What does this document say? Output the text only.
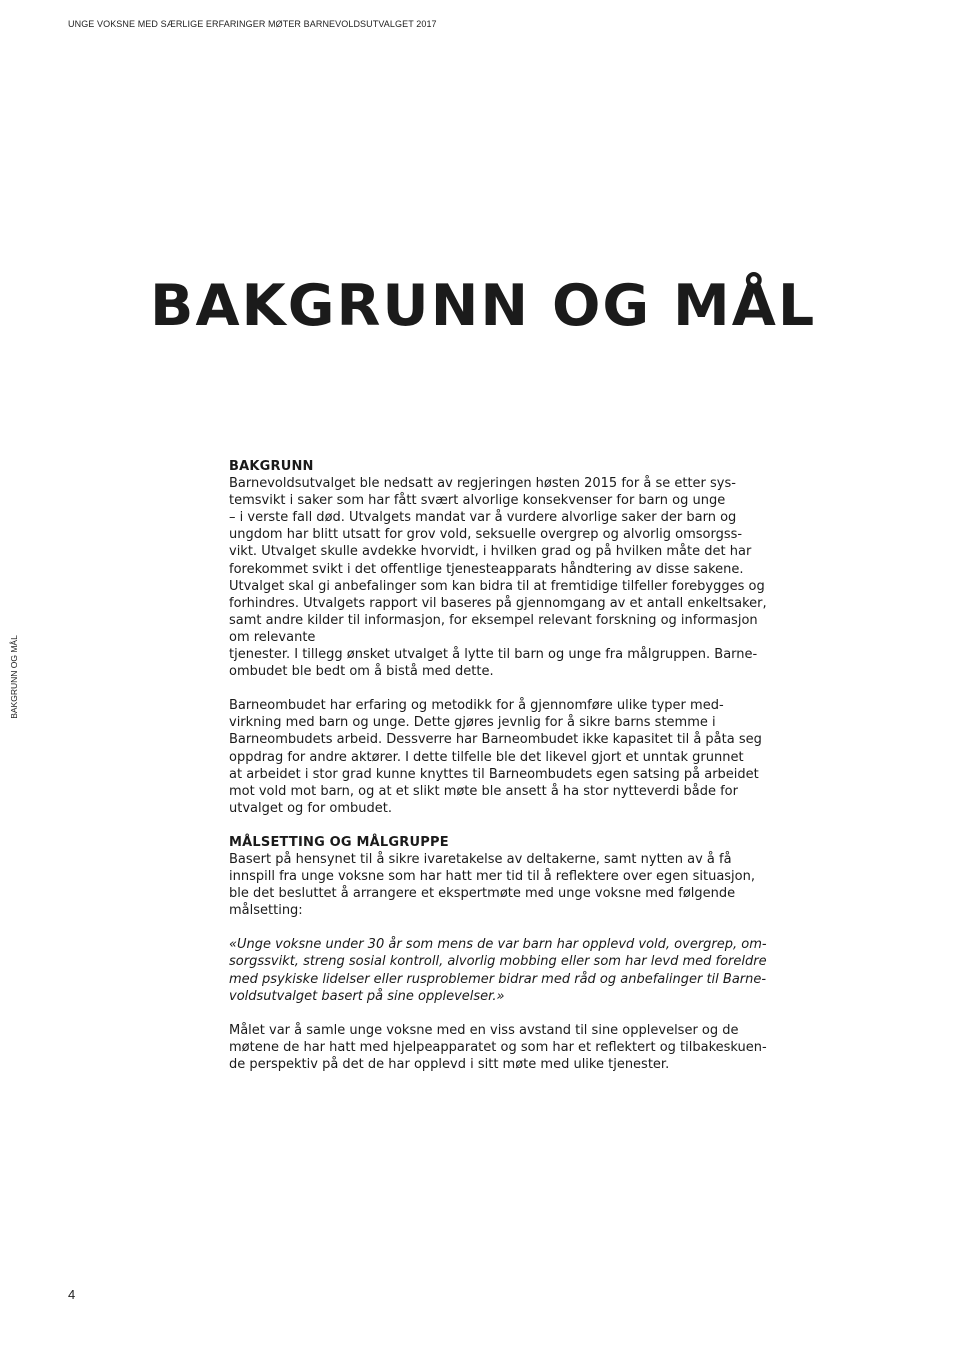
UNGE VOKSNE MED SÆRLIGE ERFARINGER MØTER BARNEVOLDSUTVALGET 2017
BAKGRUNN OG MÅL
BAKGRUNN OG MÅL
BAKGRUNN
Barnevoldsutvalget ble nedsatt av regjeringen høsten 2015 for å se etter sys-
temsvikt i saker som har fått svært alvorlige konsekvenser for barn og unge
– i verste fall død. Utvalgets mandat var å vurdere alvorlige saker der barn og
ungdom har blitt utsatt for grov vold, seksuelle overgrep og alvorlig omsorgss-
vikt. Utvalget skulle avdekke hvorvidt, i hvilken grad og på hvilken måte det har
forekommet svikt i det offentlige tjenesteapparats håndtering av disse sakene.
Utvalget skal gi anbefalinger som kan bidra til at fremtidige tilfeller forebygges og
forhindres. Utvalgets rapport vil baseres på gjennomgang av et antall enkeltsaker,
samt andre kilder til informasjon, for eksempel relevant forskning og informasjon
om relevante
tjenester. I tillegg ønsket utvalget å lytte til barn og unge fra målgruppen. Barne-
ombudet ble bedt om å bistå med dette.
Barneombudet har erfaring og metodikk for å gjennomføre ulike typer med-
virkning med barn og unge. Dette gjøres jevnlig for å sikre barns stemme i
Barneombudets arbeid. Dessverre har Barneombudet ikke kapasitet til å påta seg
oppdrag for andre aktører. I dette tilfelle ble det likevel gjort et unntak grunnet
at arbeidet i stor grad kunne knyttes til Barneombudets egen satsing på arbeidet
mot vold mot barn, og at et slikt møte ble ansett å ha stor nytteverdi både for
utvalget og for ombudet.
MÅLSETTING OG MÅLGRUPPE
Basert på hensynet til å sikre ivaretakelse av deltakerne, samt nytten av å få
innspill fra unge voksne som har hatt mer tid til å reflektere over egen situasjon,
ble det besluttet å arrangere et ekspertmøte med unge voksne med følgende
målsetting:
«Unge voksne under 30 år som mens de var barn har opplevd vold, overgrep, om-
sorgssvikt, streng sosial kontroll, alvorlig mobbing eller som har levd med foreldre
med psykiske lidelser eller rusproblemer bidrar med råd og anbefalinger til Barne-
voldsutvalget basert på sine opplevelser.»
Målet var å samle unge voksne med en viss avstand til sine opplevelser og de
møtene de har hatt med hjelpeapparatet og som har et reflektert og tilbakeskuen-
de perspektiv på det de har opplevd i sitt møte med ulike tjenester.
4
